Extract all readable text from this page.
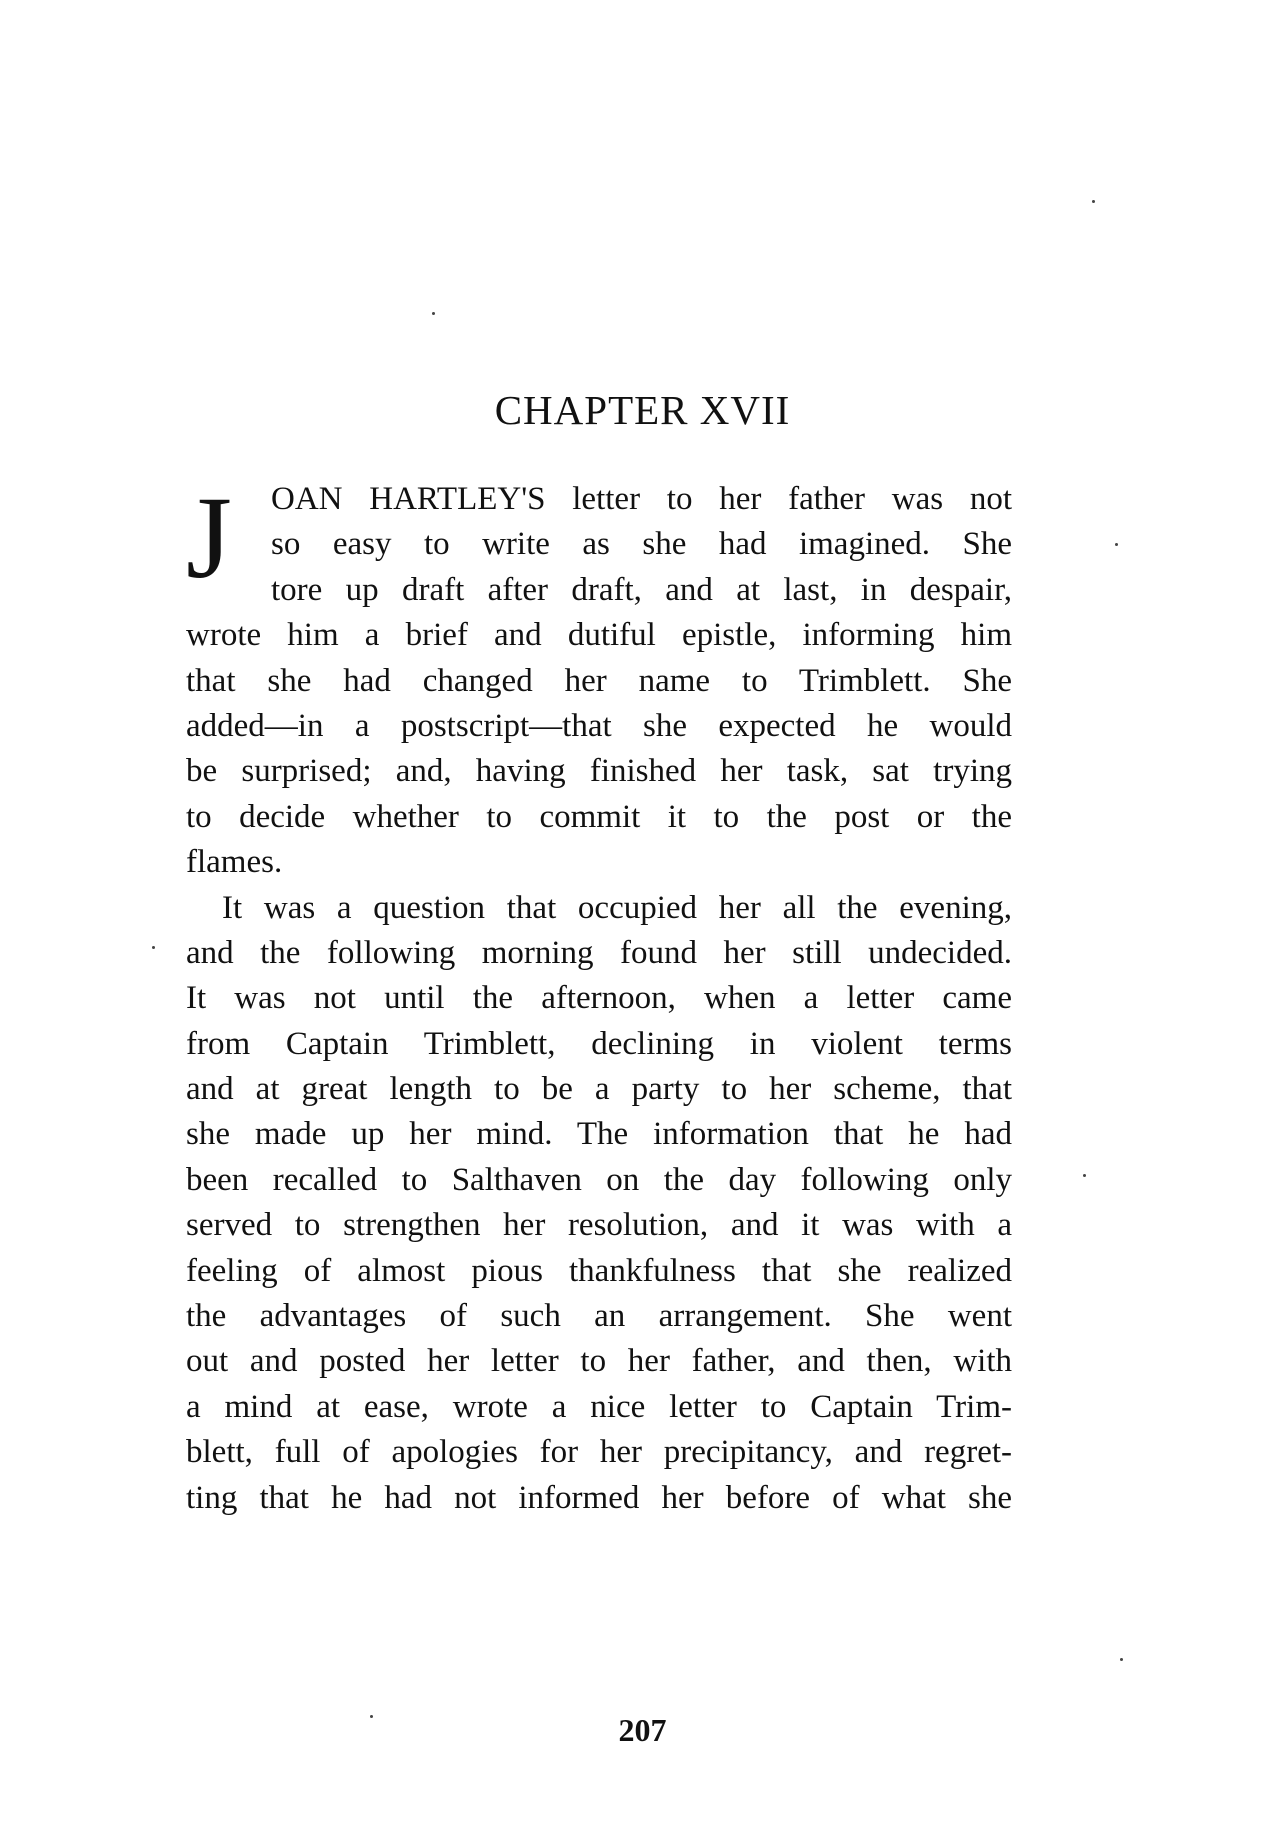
CHAPTER XVII
J OAN HARTLEY'S letter to her father was not
so easy to write as she had imagined. She
tore up draft after draft, and at last, in despair,
wrote him a brief and dutiful epistle, informing him
that she had changed her name to Trimblett. She
added—in a postscript—that she expected he would
be surprised; and, having finished her task, sat trying
to decide whether to commit it to the post or the
flames.
It was a question that occupied her all the evening,
and the following morning found her still undecided.
It was not until the afternoon, when a letter came
from Captain Trimblett, declining in violent terms
and at great length to be a party to her scheme, that
she made up her mind. The information that he had
been recalled to Salthaven on the day following only
served to strengthen her resolution, and it was with a
feeling of almost pious thankfulness that she realized
the advantages of such an arrangement. She went
out and posted her letter to her father, and then, with
a mind at ease, wrote a nice letter to Captain Trim-
blett, full of apologies for her precipitancy, and regret-
ting that he had not informed her before of what she
207
